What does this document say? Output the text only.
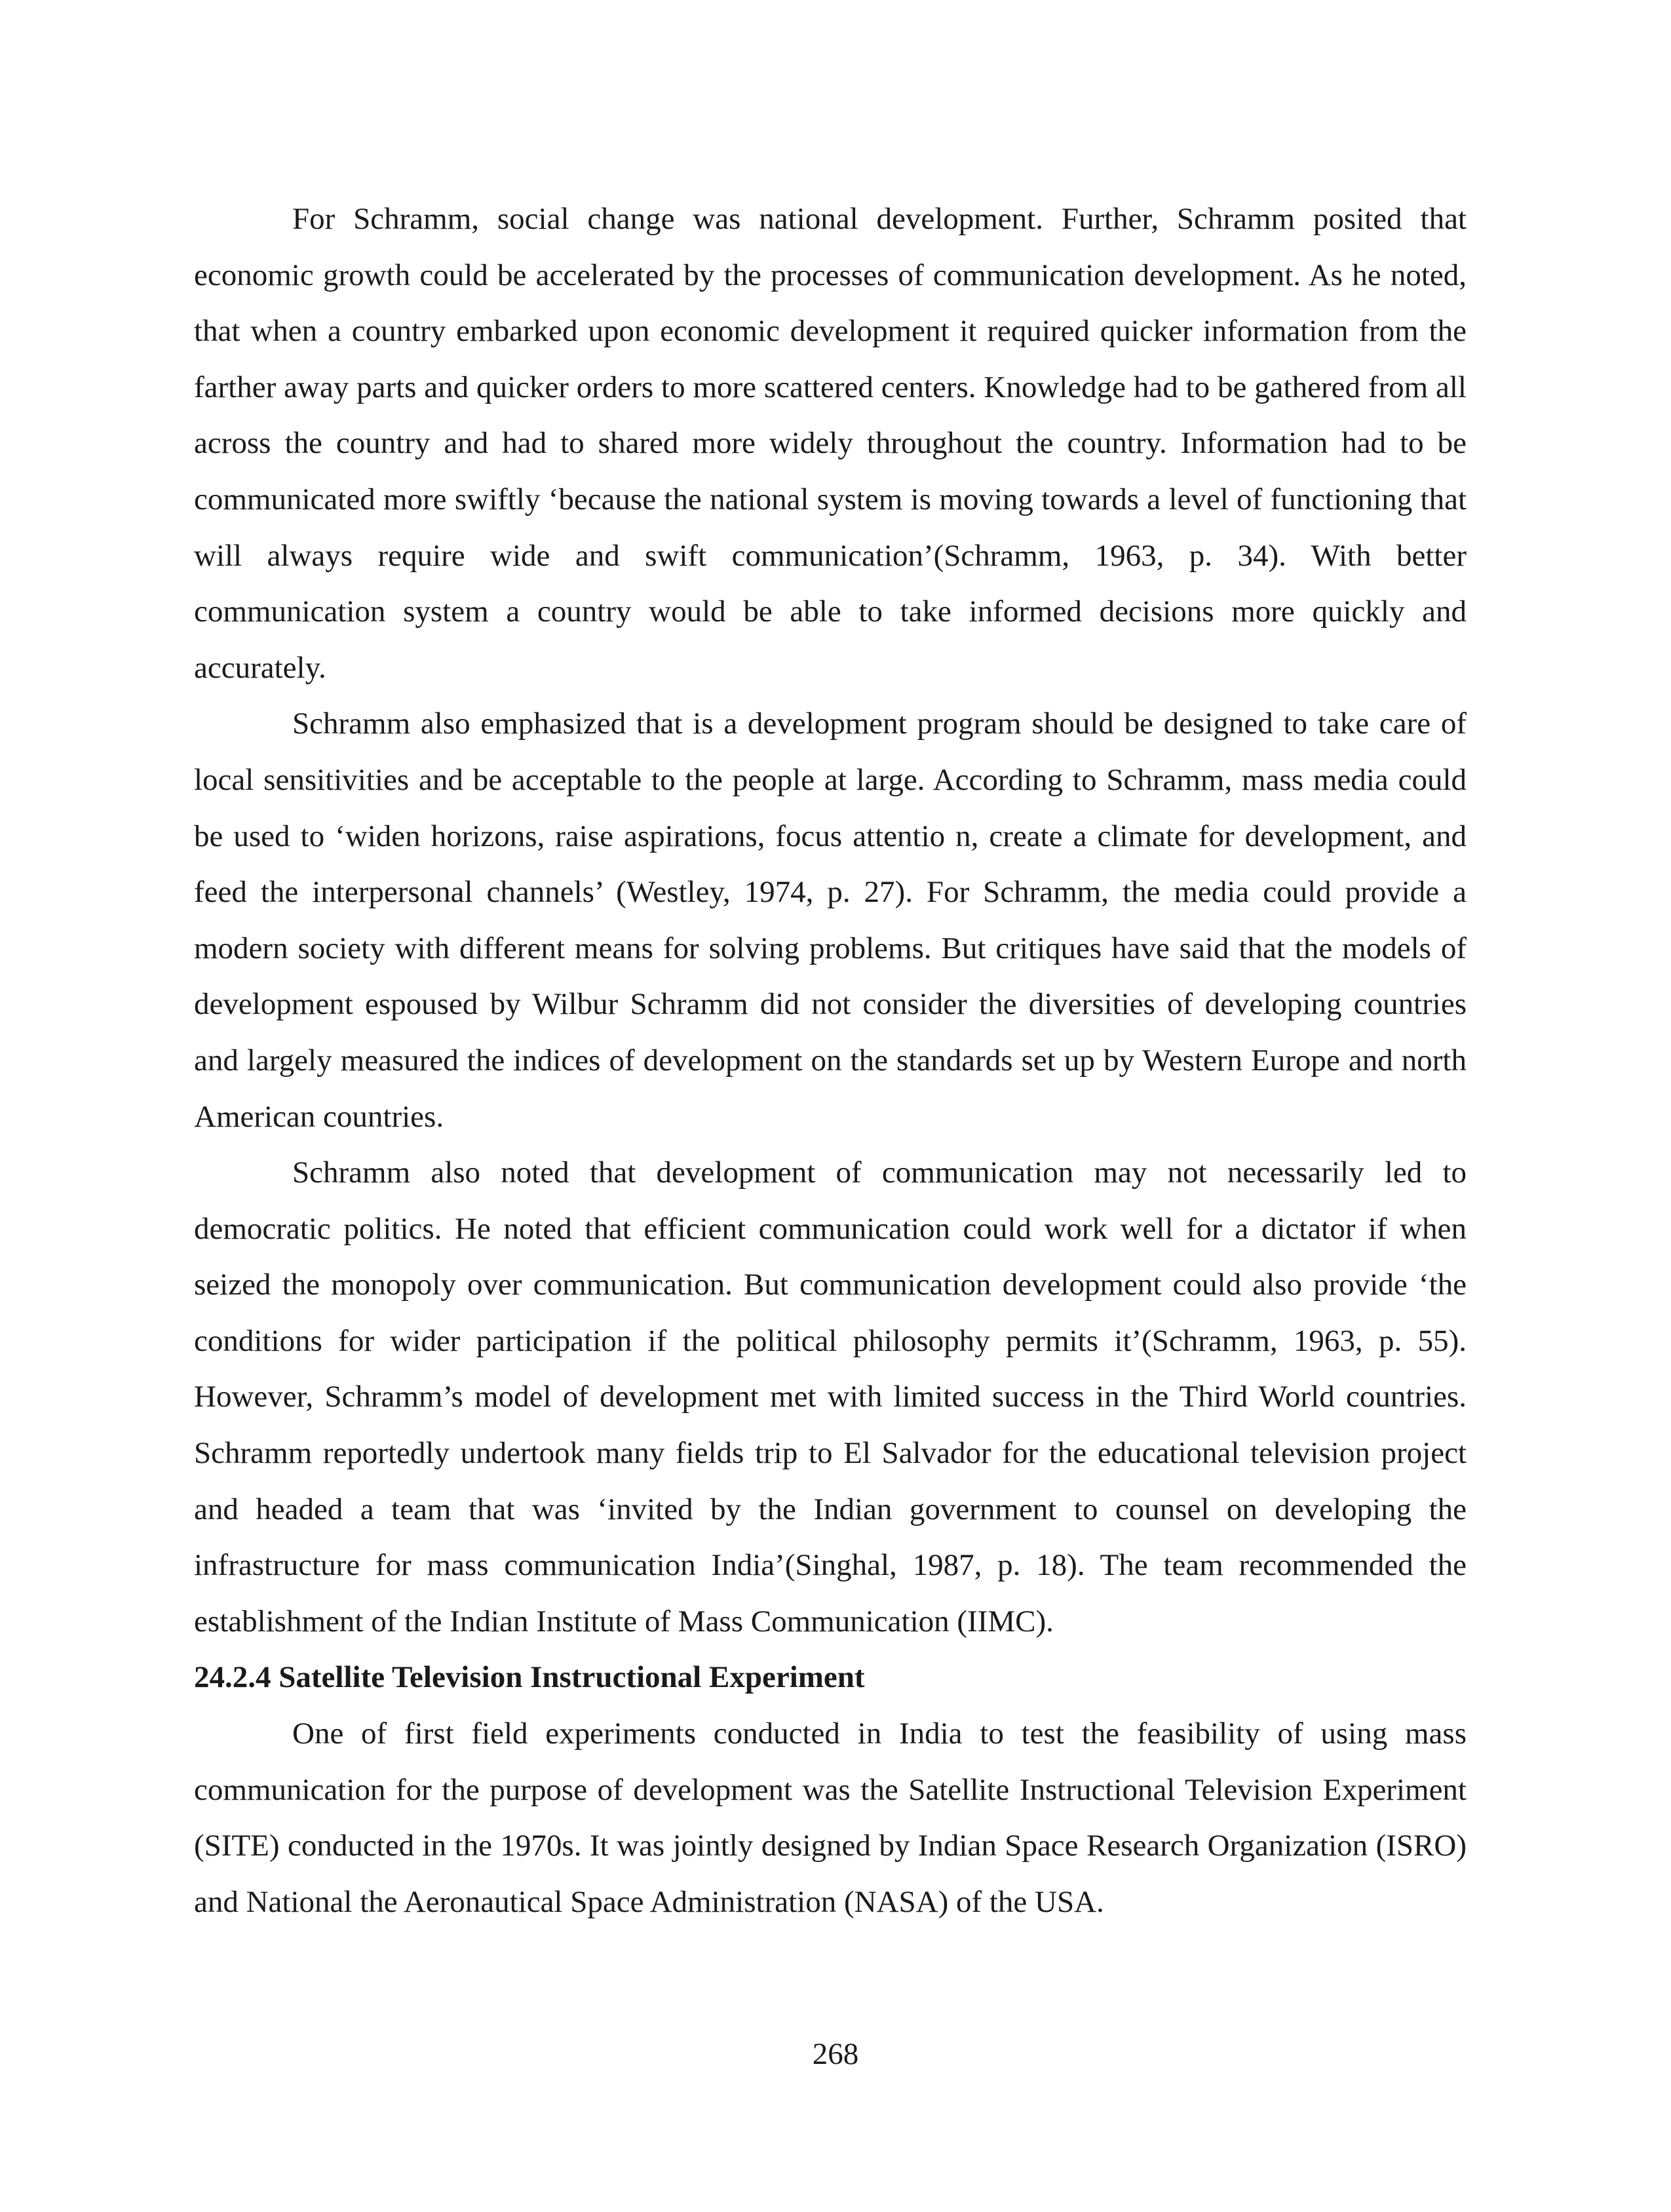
For Schramm, social change was national development. Further, Schramm posited that economic growth could be accelerated by the processes of communication development. As he noted, that when a country embarked upon economic development it required quicker information from the farther away parts and quicker orders to more scattered centers. Knowledge had to be gathered from all across the country and had to shared more widely throughout the country. Information had to be communicated more swiftly ‘because the national system is moving towards a level of functioning that will always require wide and swift communication’(Schramm, 1963, p. 34). With better communication system a country would be able to take informed decisions more quickly and accurately.

Schramm also emphasized that is a development program should be designed to take care of local sensitivities and be acceptable to the people at large. According to Schramm, mass media could be used to ‘widen horizons, raise aspirations, focus attentio n, create a climate for development, and feed the interpersonal channels’ (Westley, 1974, p. 27). For Schramm, the media could provide a modern society with different means for solving problems. But critiques have said that the models of development espoused by Wilbur Schramm did not consider the diversities of developing countries and largely measured the indices of development on the standards set up by Western Europe and north American countries.

Schramm also noted that development of communication may not necessarily led to democratic politics. He noted that efficient communication could work well for a dictator if when seized the monopoly over communication. But communication development could also provide ‘the conditions for wider participation if the political philosophy permits it’(Schramm, 1963, p. 55). However, Schramm’s model of development met with limited success in the Third World countries. Schramm reportedly undertook many fields trip to El Salvador for the educational television project and headed a team that was ‘invited by the Indian government to counsel on developing the infrastructure for mass communication India’(Singhal, 1987, p. 18). The team recommended the establishment of the Indian Institute of Mass Communication (IIMC).

24.2.4 Satellite Television Instructional Experiment

One of first field experiments conducted in India to test the feasibility of using mass communication for the purpose of development was the Satellite Instructional Television Experiment (SITE) conducted in the 1970s. It was jointly designed by Indian Space Research Organization (ISRO) and National the Aeronautical Space Administration (NASA) of the USA.

268
